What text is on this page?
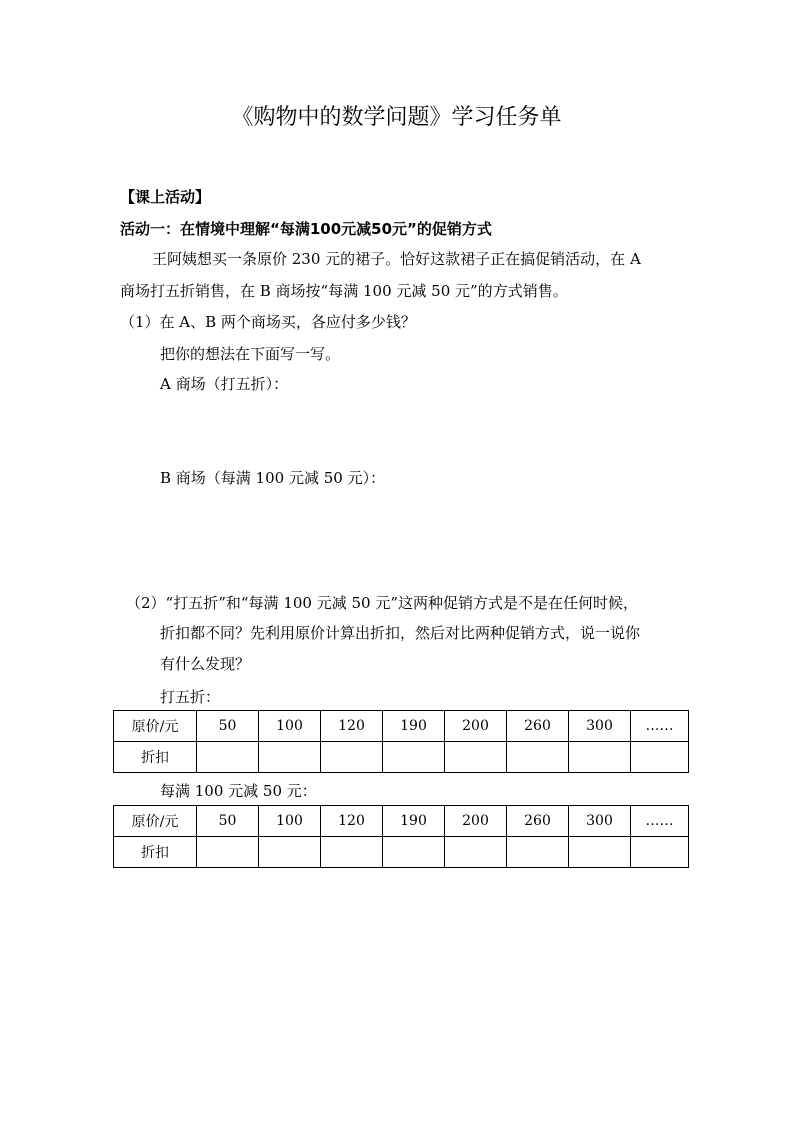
《购物中的数学问题》学习任务单
【课上活动】
活动一：在情境中理解“每满100元减50元”的促销方式
王阿姨想买一条原价 230 元的裙子。恰好这款裙子正在搞促销活动，在 A
商场打五折销售，在 B 商场按“每满 100 元减 50 元”的方式销售。
（1）在 A、B 两个商场买，各应付多少钱？
把你的想法在下面写一写。
A 商场（打五折）：
B 商场（每满 100 元减 50 元）：
（2）“打五折”和“每满 100 元减 50 元”这两种促销方式是不是在任何时候，
折扣都不同？先利用原价计算出折扣，然后对比两种促销方式，说一说你
有什么发现？
打五折：
原价/元	50	100	120	190	200	260	300	……
折扣								
每满 100 元减 50 元：
原价/元	50	100	120	190	200	260	300	……
折扣								
